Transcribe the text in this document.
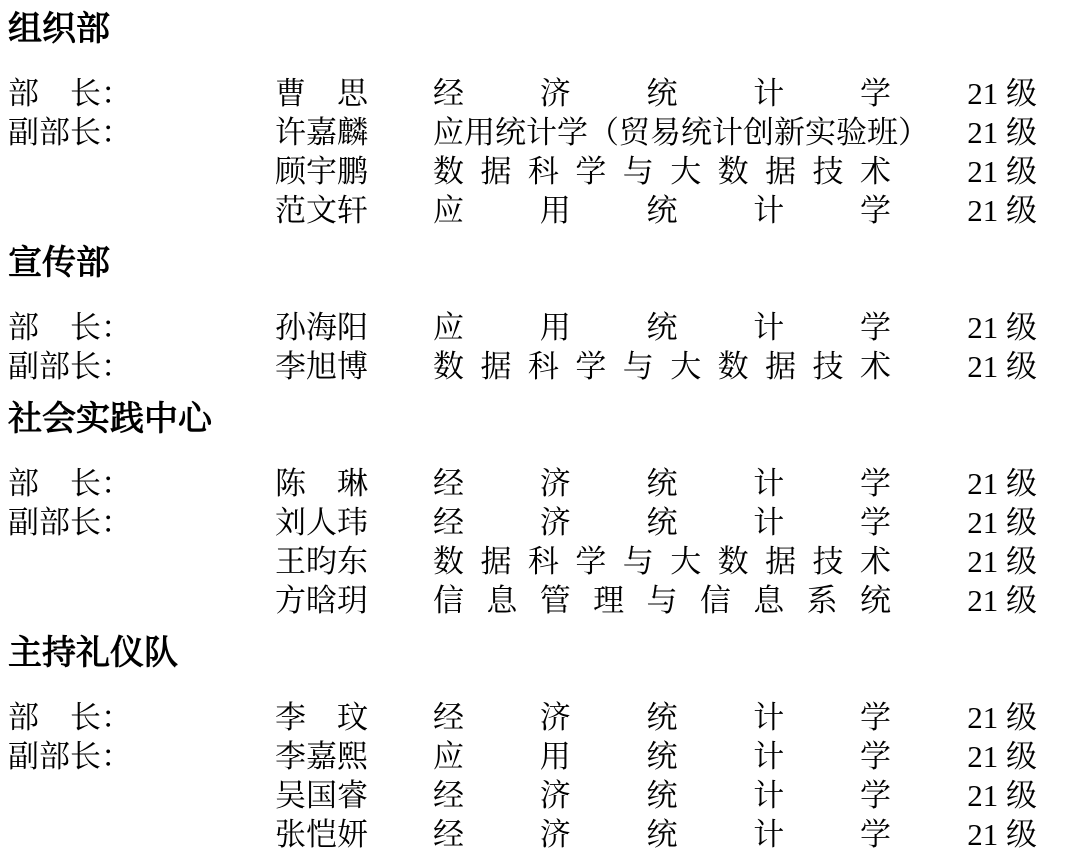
组织部
部　长：	曹　思	经 济 统 计 学 21 级
副部长：	许嘉麟	应 用 统 计 学 （ 贸 易 统 计 创 新 实 验 班 ） 21 级
顾宇鹏	数 据 科 学 与 大 数 据 技 术 21 级
范文轩	应 用 统 计 学 21 级
宣传部
部　长：	孙海阳	应 用 统 计 学 21 级
副部长：	李旭博	数 据 科 学 与 大 数 据 技 术 21 级
社会实践中心
部　长：	陈　琳	经 济 统 计 学 21 级
副部长：	刘人玮	经 济 统 计 学 21 级
王昀东	数 据 科 学 与 大 数 据 技 术 21 级
方晗玥	信 息 管 理 与 信 息 系 统 21 级
主持礼仪队
部　长：	李　玟	经 济 统 计 学 21 级
副部长：	李嘉熙	应 用 统 计 学 21 级
吴国睿	经 济 统 计 学 21 级
张恺妍	经 济 统 计 学 21 级
